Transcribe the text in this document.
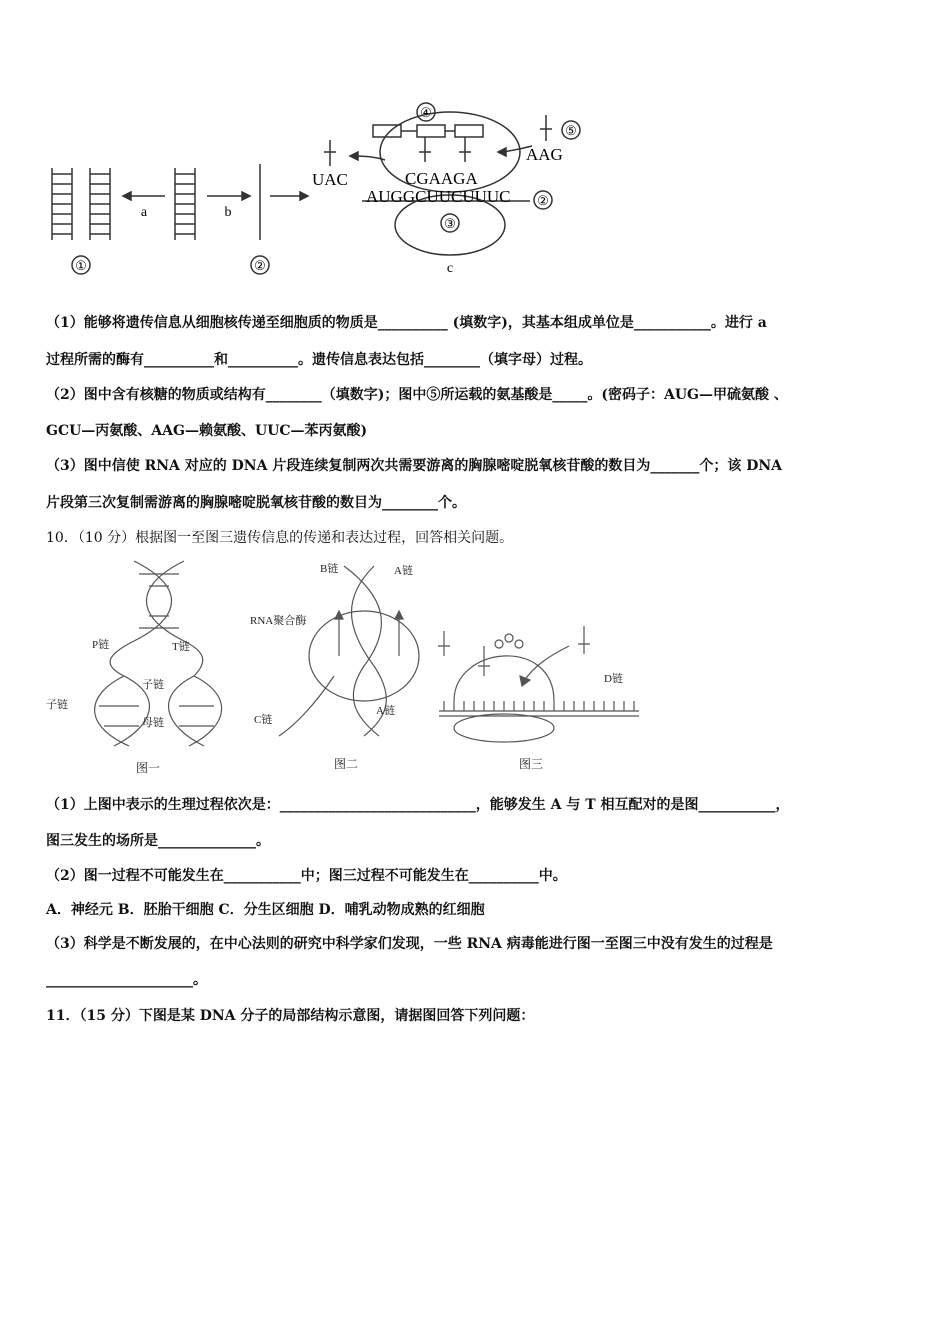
①	②
④
⑤
②
③
a	b
c
UAC	CGAAGA
AUGGCUUCUUUC
AAG
（1）能够将遗传信息从细胞核传递至细胞质的物质是__________ (填数字)，其基本组成单位是___________。进行 a
过程所需的酶有__________和__________。遗传信息表达包括________（填字母）过程。
（2）图中含有核糖的物质或结构有________（填数字)；图中⑤所运载的氨基酸是_____。(密码子：AUG—甲硫氨酸 、
GCU—丙氨酸、AAG—赖氨酸、UUC—苯丙氨酸)
（3）图中信使 RNA 对应的 DNA 片段连续复制两次共需要游离的胸腺嘧啶脱氧核苷酸的数目为_______个；该 DNA
片段第三次复制需游离的胸腺嘧啶脱氧核苷酸的数目为________个。
10．（10 分）根据图一至图三遗传信息的传递和表达过程，回答相关问题。
P链	T链
子链
子链
母链
图一
B链	A链
RNA聚合酶
C链
A链
图二
D链
图三
（1）上图中表示的生理过程依次是：____________________________，能够发生 A 与 T 相互配对的是图___________，
图三发生的场所是______________。
（2）图一过程不可能发生在___________中；图三过程不可能发生在__________中。
A．神经元 B．胚胎干细胞 C．分生区细胞 D．哺乳动物成熟的红细胞
（3）科学是不断发展的，在中心法则的研究中科学家们发现，一些 RNA 病毒能进行图一至图三中没有发生的过程是
_____________________。
11．（15 分）下图是某 DNA 分子的局部结构示意图，请据图回答下列问题：
